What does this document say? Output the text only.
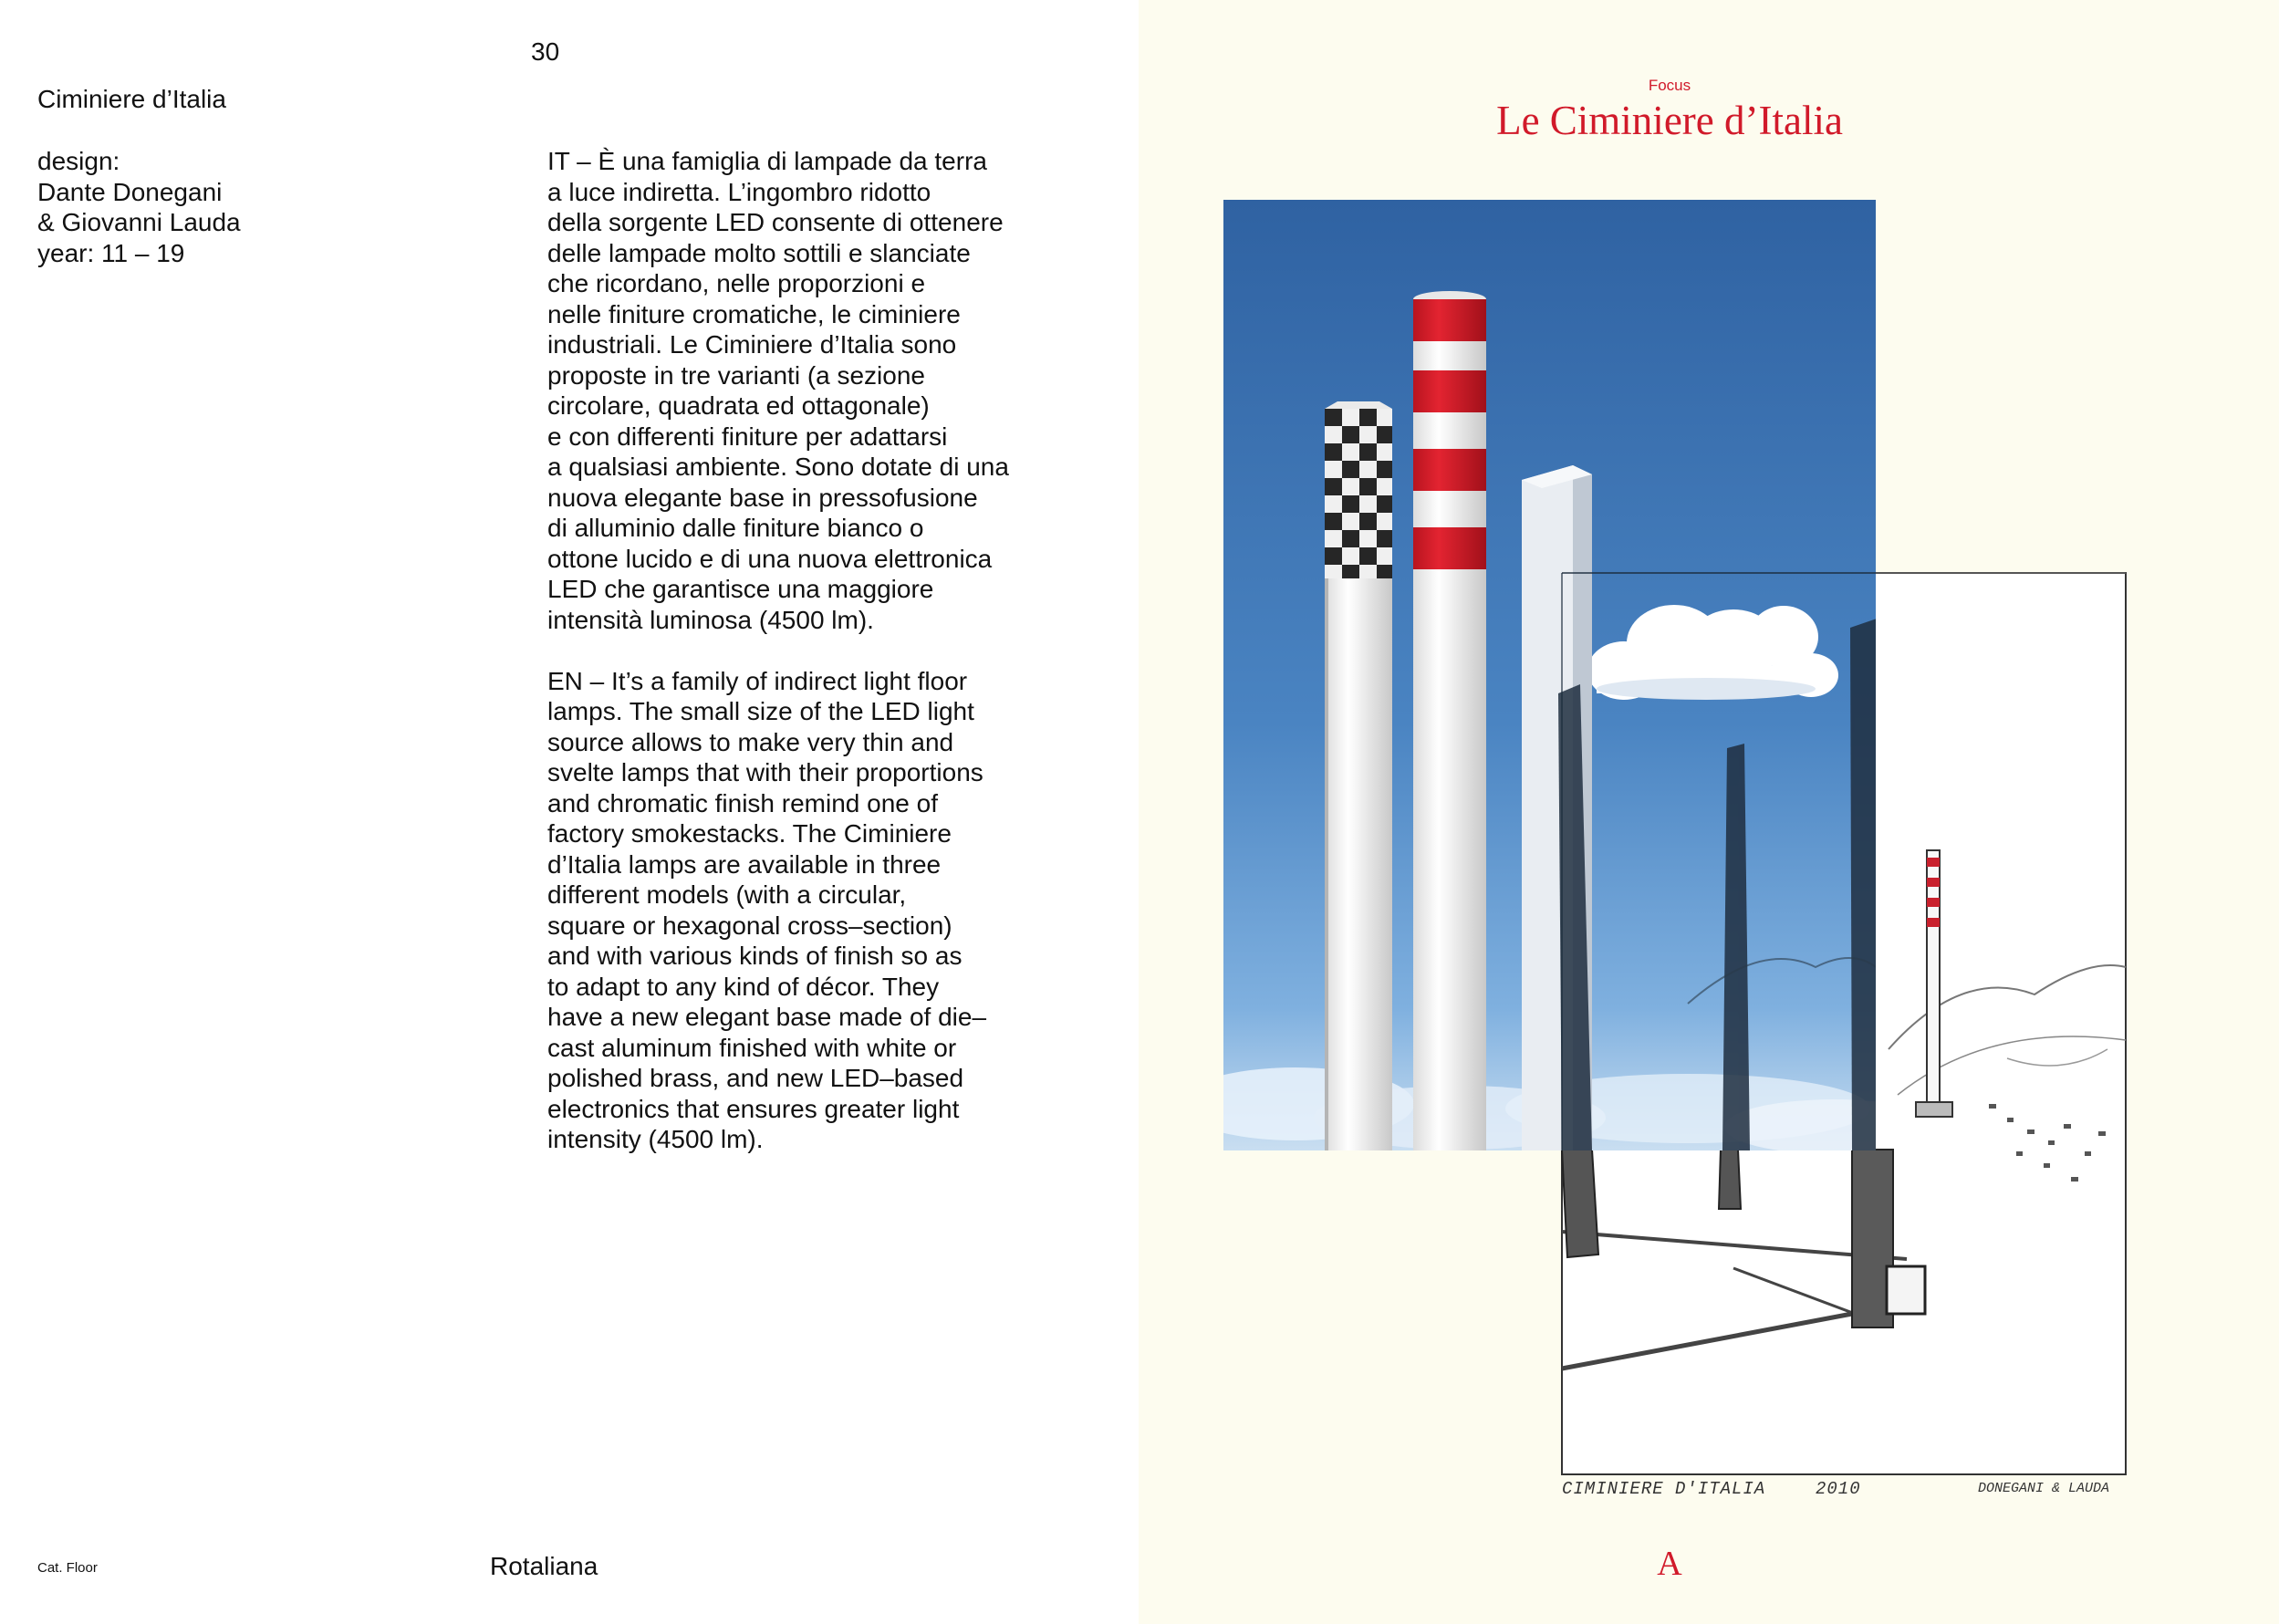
30
Ciminiere d’Italia
design:
Dante Donegani
& Giovanni Lauda
year: 11 – 19
IT – È una famiglia di lampade da terra
a luce indiretta. L’ingombro ridotto
della sorgente LED consente di ottenere
delle lampade molto sottili e slanciate
che ricordano, nelle proporzioni e
nelle finiture cromatiche, le ciminiere
industriali. Le Ciminiere d’Italia sono
proposte in tre varianti (a sezione
circolare, quadrata ed ottagonale)
e con differenti finiture per adattarsi
a qualsiasi ambiente. Sono dotate di una
nuova elegante base in pressofusione
di alluminio dalle finiture bianco o
ottone lucido e di una nuova elettronica
LED che garantisce una maggiore
intensità luminosa (4500 lm).
EN – It’s a family of indirect light floor
lamps. The small size of the LED light
source allows to make very thin and
svelte lamps that with their proportions
and chromatic finish remind one of
factory smokestacks. The Ciminiere
d’Italia lamps are available in three
different models (with a circular,
square or hexagonal cross–section)
and with various kinds of finish so as
to adapt to any kind of décor. They
have a new elegant base made of die–
cast aluminum finished with white or
polished brass, and new LED–based
electronics that ensures greater light
intensity (4500 lm).
Cat. Floor	Rotaliana
Focus
Le Ciminiere d’Italia
CIMINIERE D'ITALIA	2010	DONEGANI & LAUDA
A
